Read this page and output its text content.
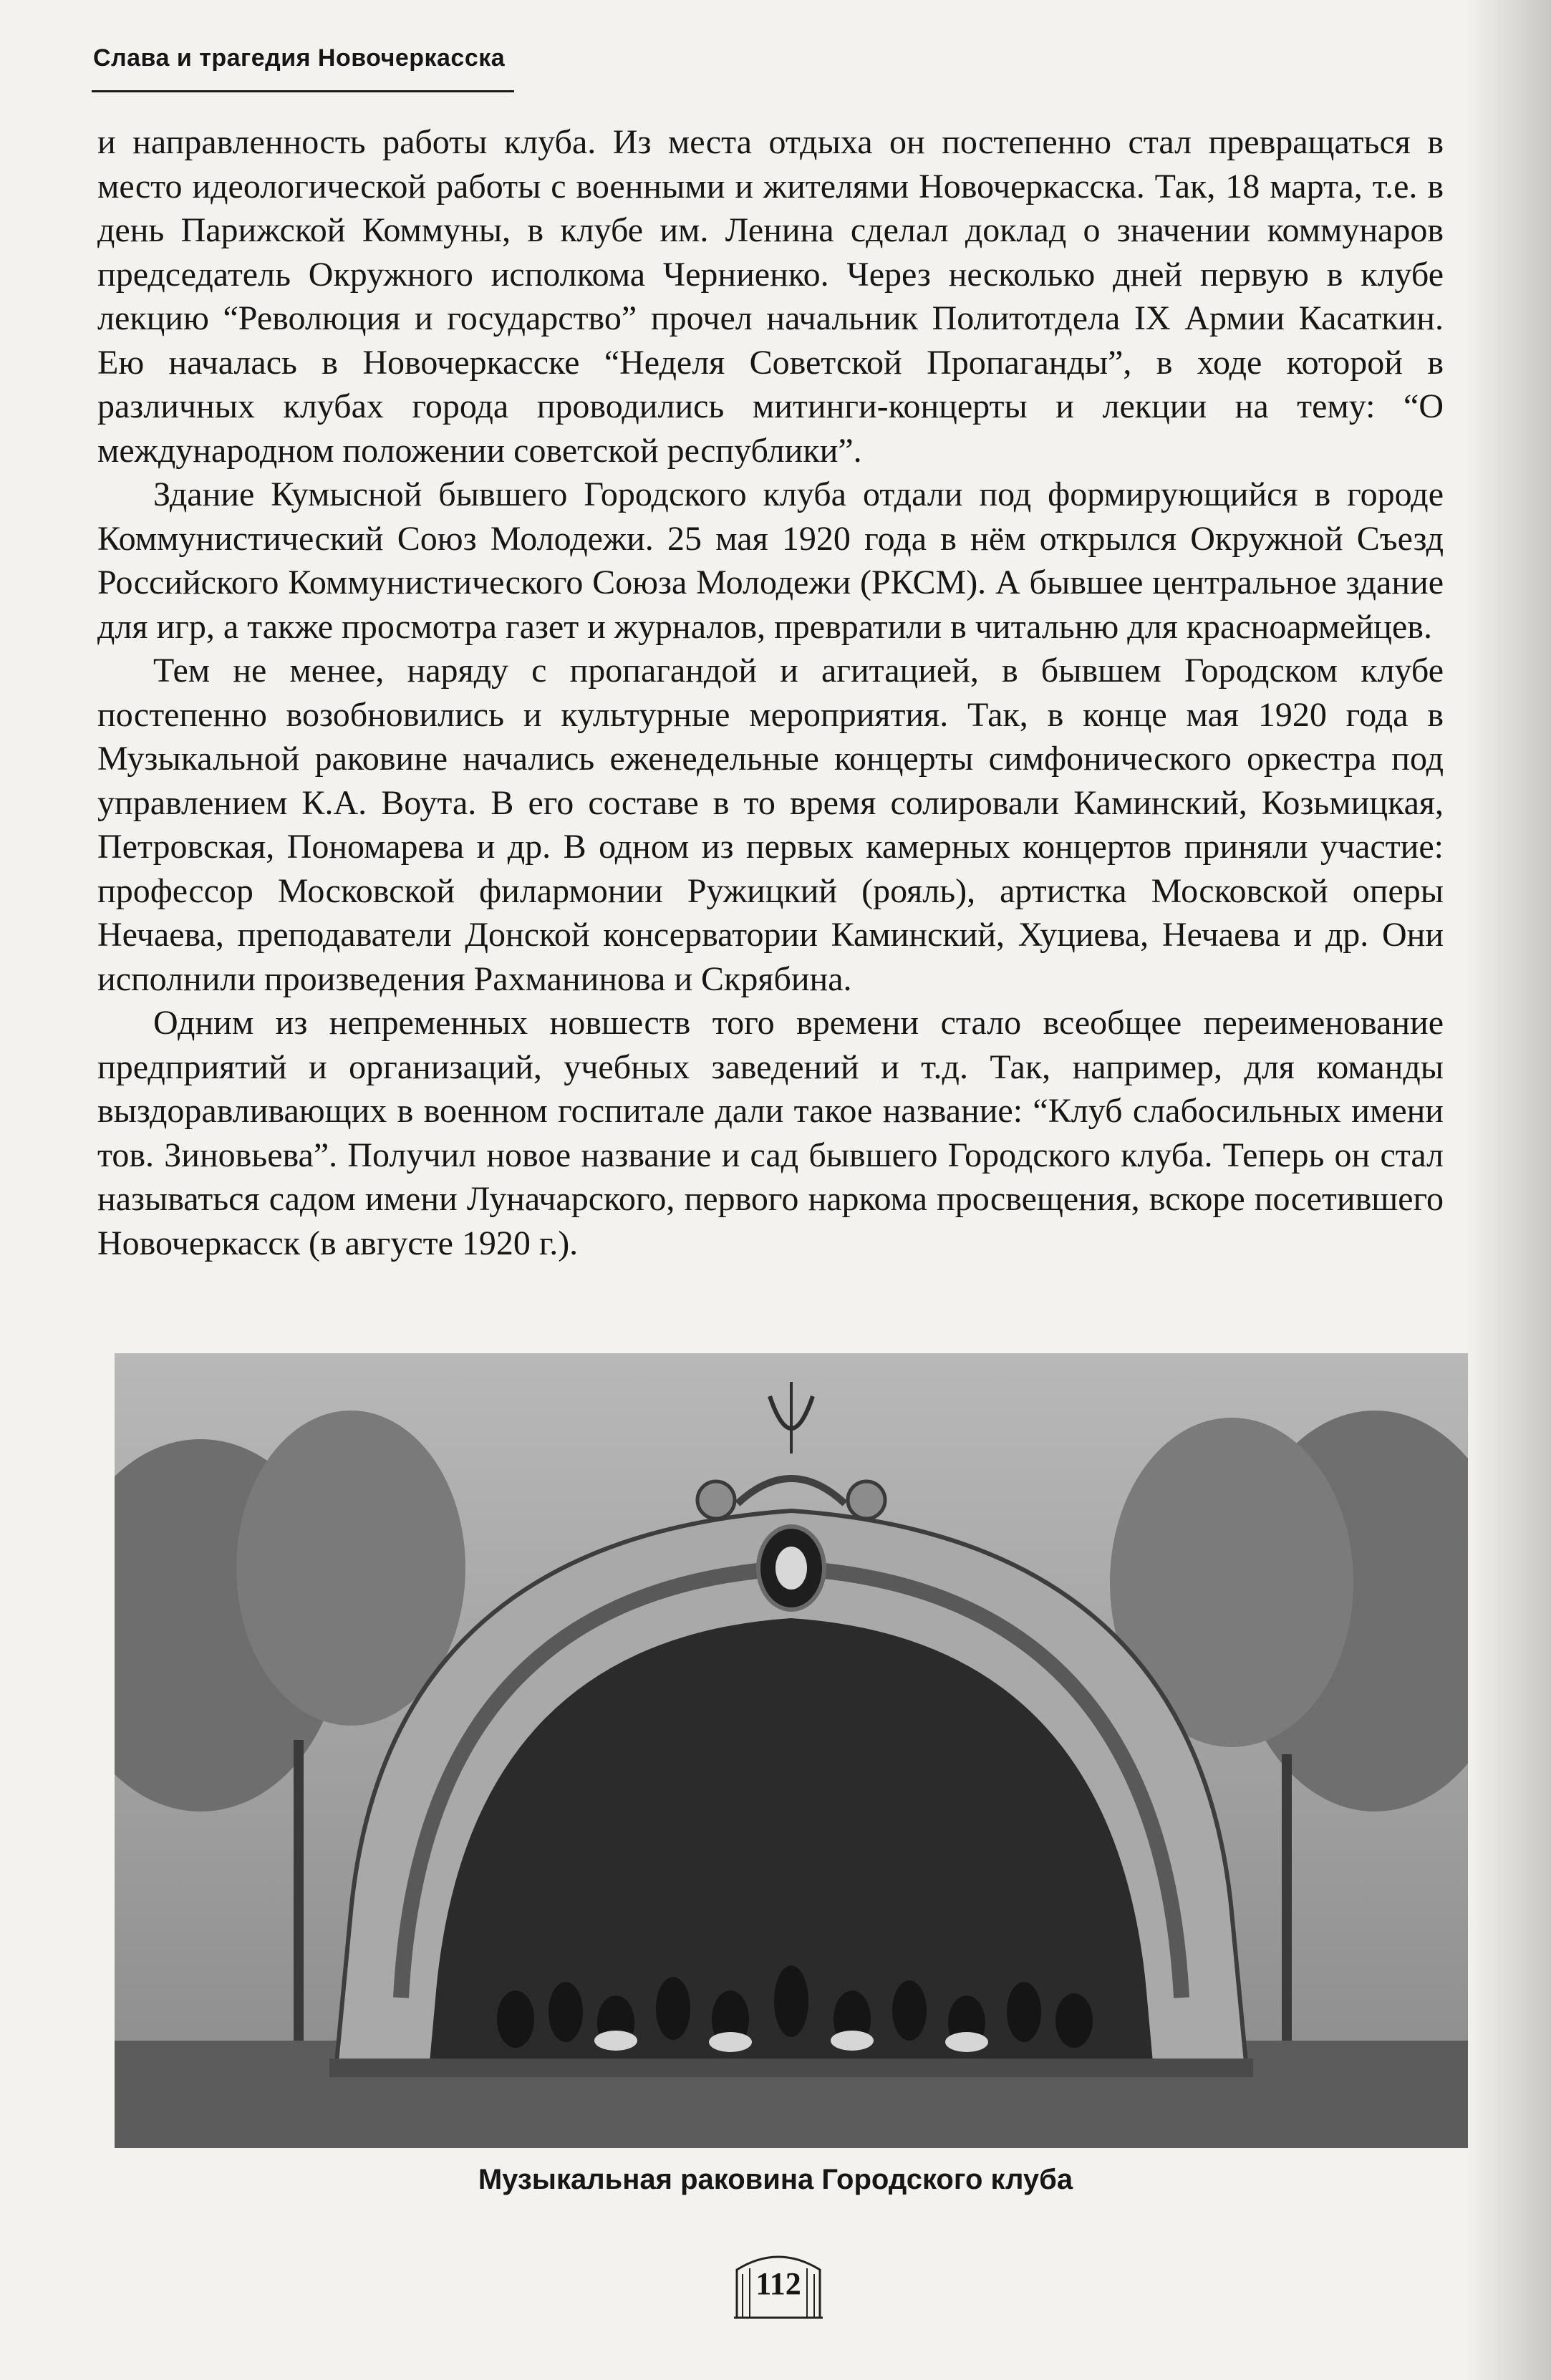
Слава и трагедия Новочеркасска

и направленность работы клуба. Из места отдыха он постепенно стал превращаться в место идеологической работы с военными и жителями Новочеркасска. Так, 18 марта, т.е. в день Парижской Коммуны, в клубе им. Ленина сделал доклад о значении коммунаров председатель Окружного исполкома Черниенко. Через несколько дней первую в клубе лекцию “Революция и государство” прочел начальник Политотдела IX Армии Касаткин. Ею началась в Новочеркасске “Неделя Советской Пропаганды”, в ходе которой в различных клубах города проводились митинги-концерты и лекции на тему: “О международном положении советской республики”.

Здание Кумысной бывшего Городского клуба отдали под формирующийся в городе Коммунистический Союз Молодежи. 25 мая 1920 года в нём открылся Окружной Съезд Российского Коммунистического Союза Молодежи (РКСМ). А бывшее центральное здание для игр, а также просмотра газет и журналов, превратили в читальню для красноармейцев.

Тем не менее, наряду с пропагандой и агитацией, в бывшем Городском клубе постепенно возобновились и культурные мероприятия. Так, в конце мая 1920 года в Музыкальной раковине начались еженедельные концерты симфонического оркестра под управлением К.А. Воута. В его составе в то время солировали Каминский, Козьмицкая, Петровская, Пономарева и др. В одном из первых камерных концертов приняли участие: профессор Московской филармонии Ружицкий (рояль), артистка Московской оперы Нечаева, преподаватели Донской консерватории Каминский, Хуциева, Нечаева и др. Они исполнили произведения Рахманинова и Скрябина.

Одним из непременных новшеств того времени стало всеобщее переименование предприятий и организаций, учебных заведений и т.д. Так, например, для команды выздоравливающих в военном госпитале дали такое название: “Клуб слабосильных имени тов. Зиновьева”. Получил новое название и сад бывшего Городского клуба. Теперь он стал называться садом имени Луначарского, первого наркома просвещения, вскоре посетившего Новочеркасск (в августе 1920 г.).

Музыкальная раковина Городского клуба
112
